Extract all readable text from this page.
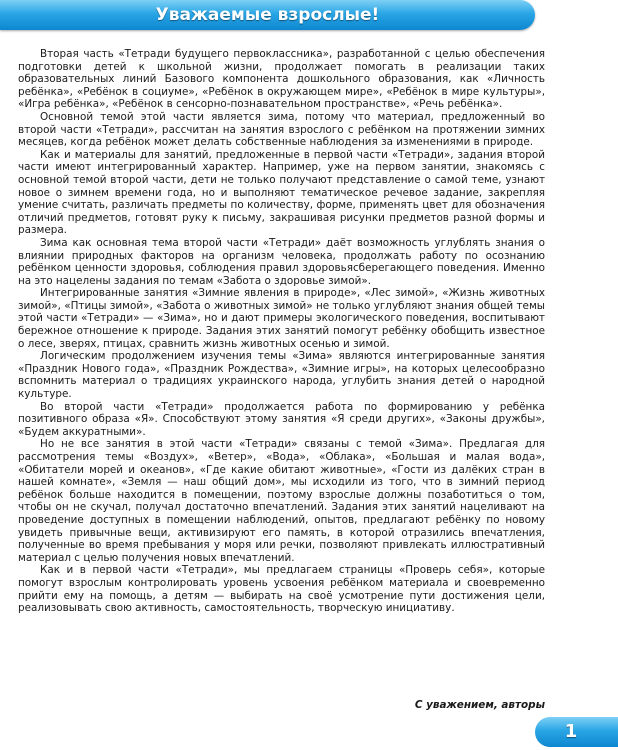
Уважаемые взрослые!

Вторая часть «Тетради будущего первоклассника», разработанной с целью обеспечения подготовки детей к школьной жизни, продолжает помогать в реализации таких образовательных линий Базового компонента дошкольного образования, как «Личность ребёнка», «Ребёнок в социуме», «Ребёнок в окружающем мире», «Ребёнок в мире культуры», «Игра ребёнка», «Ребёнок в сенсорно-познавательном пространстве», «Речь ребёнка».

Основной темой этой части является зима, потому что материал, предложенный во второй части «Тетради», рассчитан на занятия взрослого с ребёнком на протяжении зимних месяцев, когда ребёнок может делать собственные наблюдения за изменениями в природе.

Как и материалы для занятий, предложенные в первой части «Тетради», задания второй части имеют интегрированный характер. Например, уже на первом занятии, знакомясь с основной темой второй части, дети не только получают представление о самой теме, узнают новое о зимнем времени года, но и выполняют тематическое речевое задание, закрепляя умение считать, различать предметы по количеству, форме, применять цвет для обозначения отличий предметов, готовят руку к письму, закрашивая рисунки предметов разной формы и размера.

Зима как основная тема второй части «Тетради» даёт возможность углублять знания о влиянии природных факторов на организм человека, продолжать работу по осознанию ребёнком ценности здоровья, соблюдения правил здоровьясберегающего поведения. Именно на это нацелены задания по темам «Забота о здоровье зимой».

Интегрированные занятия «Зимние явления в природе», «Лес зимой», «Жизнь животных зимой», «Птицы зимой», «Забота о животных зимой» не только углубляют знания общей темы этой части «Тетради» — «Зима», но и дают примеры экологического поведения, воспитывают бережное отношение к природе. Задания этих занятий помогут ребёнку обобщить известное о лесе, зверях, птицах, сравнить жизнь животных осенью и зимой.

Логическим продолжением изучения темы «Зима» являются интегрированные занятия «Праздник Нового года», «Праздник Рождества», «Зимние игры», на которых целесообразно вспомнить материал о традициях украинского народа, углубить знания детей о народной культуре.

Во второй части «Тетради» продолжается работа по формированию у ребёнка позитивного образа «Я». Способствуют этому занятия «Я среди других», «Законы дружбы», «Будем аккуратными».

Но не все занятия в этой части «Тетради» связаны с темой «Зима». Предлагая для рассмотрения темы «Воздух», «Ветер», «Вода», «Облака», «Большая и малая вода», «Обитатели морей и океанов», «Где какие обитают животные», «Гости из далёких стран в нашей комнате», «Земля — наш общий дом», мы исходили из того, что в зимний период ребёнок больше находится в помещении, поэтому взрослые должны позаботиться о том, чтобы он не скучал, получал достаточно впечатлений. Задания этих занятий нацеливают на проведение доступных в помещении наблюдений, опытов, предлагают ребёнку по новому увидеть привычные вещи, активизируют его память, в которой отразились впечатления, полученные во время пребывания у моря или речки, позволяют привлекать иллюстративный материал с целью получения новых впечатлений.

Как и в первой части «Тетради», мы предлагаем страницы «Проверь себя», которые помогут взрослым контролировать уровень усвоения ребёнком материала и своевременно прийти ему на помощь, а детям — выбирать на своё усмотрение пути достижения цели, реализовывать свою активность, самостоятельность, творческую инициативу.

С уважением, авторы
1
